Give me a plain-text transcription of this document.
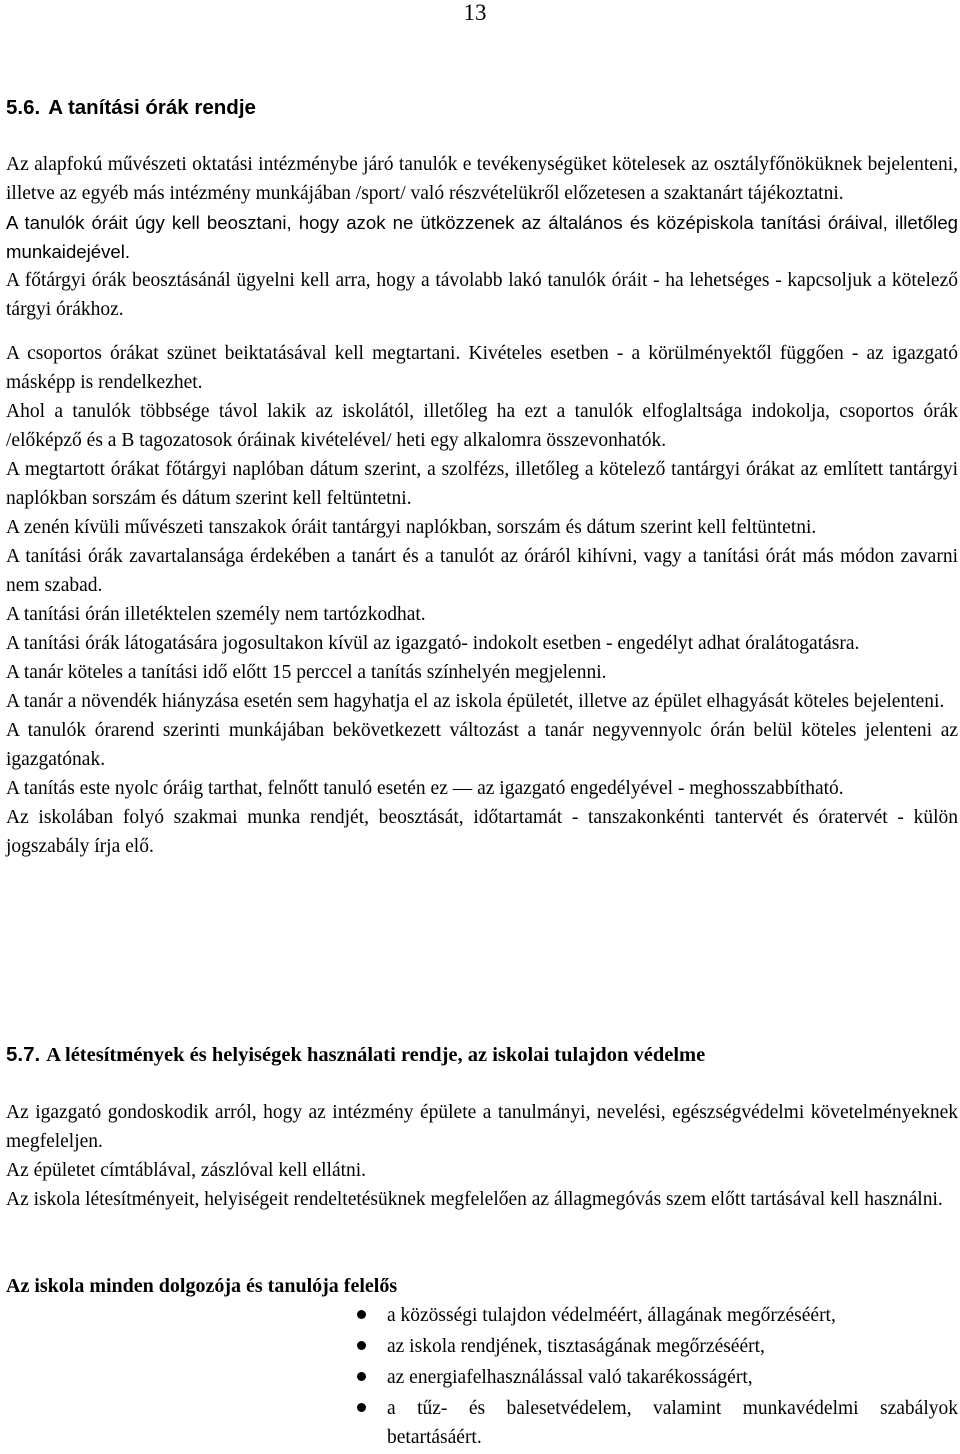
13
5.6. A tanítási órák rendje

Az alapfokú művészeti oktatási intézménybe járó tanulók e tevékenységüket kötelesek az osztályfőnöküknek bejelenteni, illetve az egyéb más intézmény munkájában /sport/ való részvételükről előzetesen a szaktanárt tájékoztatni.

A tanulók óráit úgy kell beosztani, hogy azok ne ütközzenek az általános és középiskola tanítási óráival, illetőleg munkaidejével.

A főtárgyi órák beosztásánál ügyelni kell arra, hogy a távolabb lakó tanulók óráit - ha lehetséges - kapcsoljuk a kötelező tárgyi órákhoz.

A csoportos órákat szünet beiktatásával kell megtartani. Kivételes esetben - a körülményektől függően - az igazgató másképp is rendelkezhet.

Ahol a tanulók többsége távol lakik az iskolától, illetőleg ha ezt a tanulók elfoglaltsága indokolja, csoportos órák /előképző és a B tagozatosok óráinak kivételével/ heti egy alkalomra összevonhatók.

A megtartott órákat főtárgyi naplóban dátum szerint, a szolfézs, illetőleg a kötelező tantárgyi órákat az említett tantárgyi naplókban sorszám és dátum szerint kell feltüntetni.

A zenén kívüli művészeti tanszakok óráit tantárgyi naplókban, sorszám és dátum szerint kell feltüntetni.

A tanítási órák zavartalansága érdekében a tanárt és a tanulót az óráról kihívni, vagy a tanítási órát más módon zavarni nem szabad.

A tanítási órán illetéktelen személy nem tartózkodhat.

A tanítási órák látogatására jogosultakon kívül az igazgató- indokolt esetben - engedélyt adhat óralátogatásra.

A tanár köteles a tanítási idő előtt 15 perccel a tanítás színhelyén megjelenni.

A tanár a növendék hiányzása esetén sem hagyhatja el az iskola épületét, illetve az épület elhagyását köteles bejelenteni.

A tanulók órarend szerinti munkájában bekövetkezett változást a tanár negyvennyolc órán belül köteles jelenteni az igazgatónak.

A tanítás este nyolc óráig tarthat, felnőtt tanuló esetén ez — az igazgató engedélyével - meghosszabbítható.

Az iskolában folyó szakmai munka rendjét, beosztását, időtartamát - tanszakonkénti tantervét és óratervét - külön jogszabály írja elő.

5.7. A létesítmények és helyiségek használati rendje, az iskolai tulajdon védelme

Az igazgató gondoskodik arról, hogy az intézmény épülete a tanulmányi, nevelési, egészségvédelmi követelményeknek megfeleljen.

Az épületet címtáblával, zászlóval kell ellátni.

Az iskola létesítményeit, helyiségeit rendeltetésüknek megfelelően az állagmegóvás szem előtt tartásával kell használni.

Az iskola minden dolgozója és tanulója felelős
a közösségi tulajdon védelméért, állagának megőrzéséért,
az iskola rendjének, tisztaságának megőrzéséért,
az energiafelhasználással való takarékosságért,
a tűz- és balesetvédelem, valamint munkavédelmi szabályok betartásáért.
